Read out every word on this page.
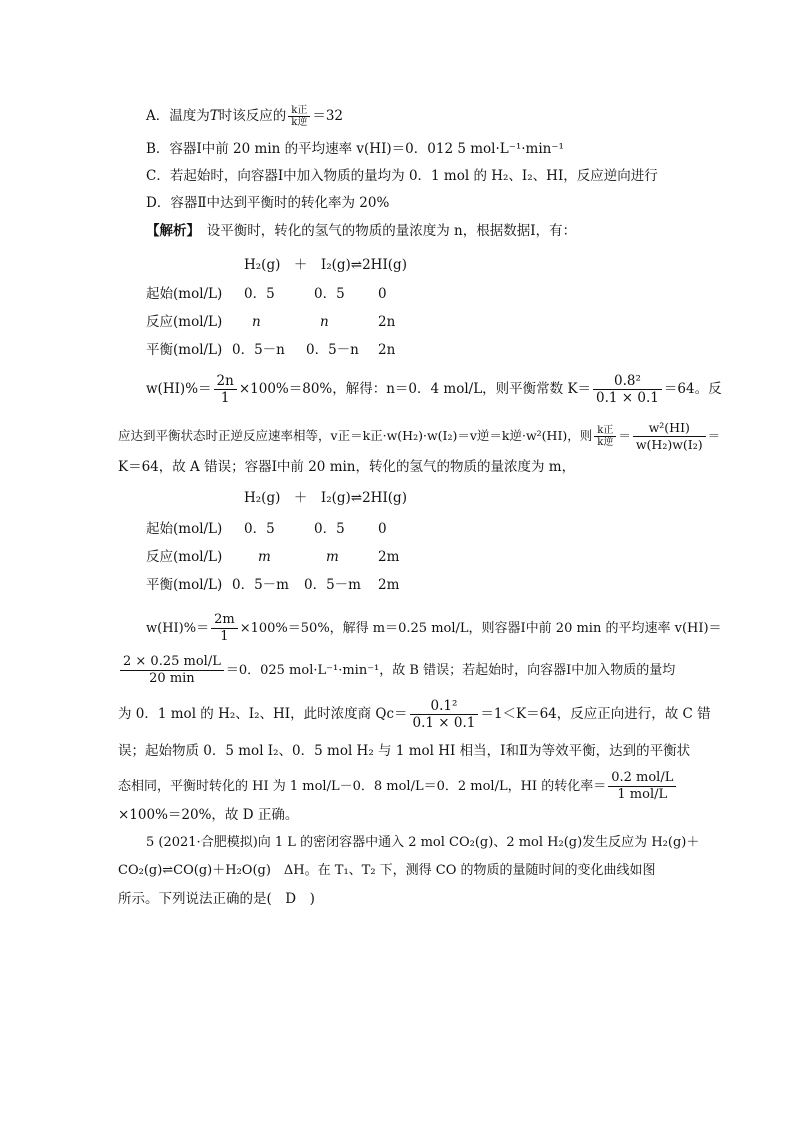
A．温度为T时该反应的 $\frac{\text{k正}}{\text{k逆}} =32$
B．容器Ⅰ中前 20 min 的平均速率 v(HI)＝0．012 5 mol·L⁻¹·min⁻¹
C．若起始时，向容器Ⅰ中加入物质的量均为 0．1 mol 的 H₂、I₂、HI，反应逆向进行
D．容器Ⅱ中达到平衡时的转化率为 20%
【解析】　 设平衡时，转化的氢气的物质的量浓度为 n，根据数据Ⅰ，有：
H₂(g)　＋　I₂(g)⇌2HI(g)
起始(mol/L) 0．5	0．5 0
反应(mol/L) n	n	2n
平衡(mol/L) 0．5－n 0．5－n 2n
$w(HI)\%= \frac{2n}{1} \times 100\%=80\%$，解得：n＝0．4 mol/L，则平衡常数 $K= \frac{\text{0.8²}}{0.1 \times 0.1} =64$。反
应达到平衡状态时正逆反应速率相等，v正＝k正·w(H₂)·w(I₂)＝v逆＝k逆·w²(HI)，则 $\frac{\text{k正}}{\text{k逆}} = \frac{\text{w²(HI)}}{\text{w(H₂)w(I₂)}}$ ＝
K＝64，故 A 错误；容器Ⅰ中前 20 min，转化的氢气的物质的量浓度为 m，
H₂(g)　＋　I₂(g)⇌2HI(g)
起始(mol/L) 0．5	0．5 0
反应(mol/L)	m	m	2m
平衡(mol/L) 0．5－m 0．5－m 2m
$w(HI)\%= \frac{2m}{1} \times 100\%=50\%$，解得 m＝0.25 mol/L，则容器Ⅰ中前 20 min 的平均速率 v(HI)＝
$\frac{\text{2 × 0.25 mol/L}}{20 \min} =0$．025 mol·L⁻¹·min⁻¹，故 B 错误；若起始时，向容器Ⅰ中加入物质的量均
为 0．1 mol 的 H₂、I₂、HI，此时浓度商 $Qc= \frac{\text{0.1²}}{0.1 \times 0.1} =1<K=64$，反应正向进行，故 C 错
误；起始物质 0．5 mol I₂、0．5 mol H₂ 与 1 mol HI 相当，Ⅰ和Ⅱ为等效平衡，达到的平衡状
态相同，平衡时转化的 HI 为 1 mol/L－0．8 mol/L＝0．2 mol/L，HI 的转化率＝ $\frac{\text{0.2 mol/L}}{\text{1 mol/L}}$
×100%＝20%，故 D 正确。
5 (2021·合肥模拟)向 1 L 的密闭容器中通入 2 mol CO₂(g)、2 mol H₂(g)发生反应为 H₂(g)＋
CO₂(g)⇌CO(g)＋H₂O(g)　ΔH。在 T₁、T₂ 下，测得 CO 的物质的量随时间的变化曲线如图
所示。下列说法正确的是(　D　)
